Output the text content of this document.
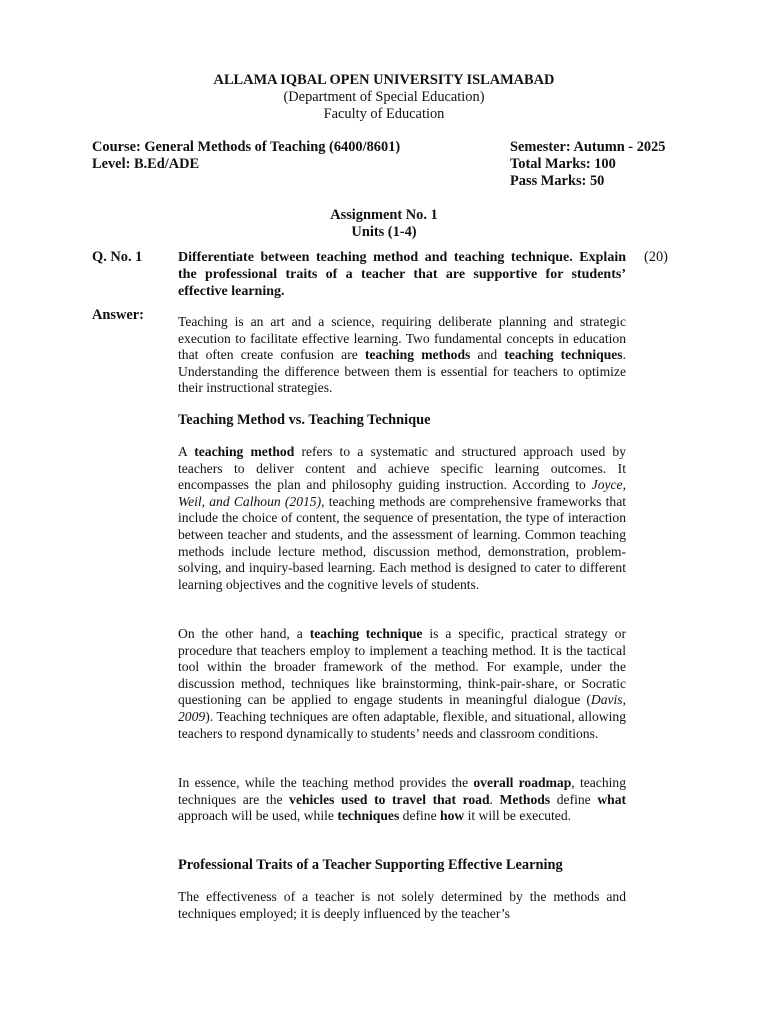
ALLAMA IQBAL OPEN UNIVERSITY ISLAMABAD
(Department of Special Education)
Faculty of Education
Course: General Methods of Teaching (6400/8601)
Level: B.Ed/ADE
Semester: Autumn - 2025
Total Marks: 100
Pass Marks: 50
Assignment No. 1
Units (1-4)
Q. No. 1	Differentiate between teaching method and teaching technique. Explain the professional traits of a teacher that are supportive for students’ effective learning.
(20)
Answer:	Teaching is an art and a science, requiring deliberate planning and strategic execution to facilitate effective learning. Two fundamental concepts in education that often create confusion are teaching methods and teaching techniques. Understanding the difference between them is essential for teachers to optimize their instructional strategies.

Teaching Method vs. Teaching Technique

A teaching method refers to a systematic and structured approach used by teachers to deliver content and achieve specific learning outcomes. It encompasses the plan and philosophy guiding instruction. According to Joyce, Weil, and Calhoun (2015), teaching methods are comprehensive frameworks that include the choice of content, the sequence of presentation, the type of interaction between teacher and students, and the assessment of learning. Common teaching methods include lecture method, discussion method, demonstration, problem-solving, and inquiry-based learning. Each method is designed to cater to different learning objectives and the cognitive levels of students.

On the other hand, a teaching technique is a specific, practical strategy or procedure that teachers employ to implement a teaching method. It is the tactical tool within the broader framework of the method. For example, under the discussion method, techniques like brainstorming, think-pair-share, or Socratic questioning can be applied to engage students in meaningful dialogue (Davis, 2009). Teaching techniques are often adaptable, flexible, and situational, allowing teachers to respond dynamically to students’ needs and classroom conditions.

In essence, while the teaching method provides the overall roadmap, teaching techniques are the vehicles used to travel that road. Methods define what approach will be used, while techniques define how it will be executed.

Professional Traits of a Teacher Supporting Effective Learning

The effectiveness of a teacher is not solely determined by the methods and techniques employed; it is deeply influenced by the teacher’s
